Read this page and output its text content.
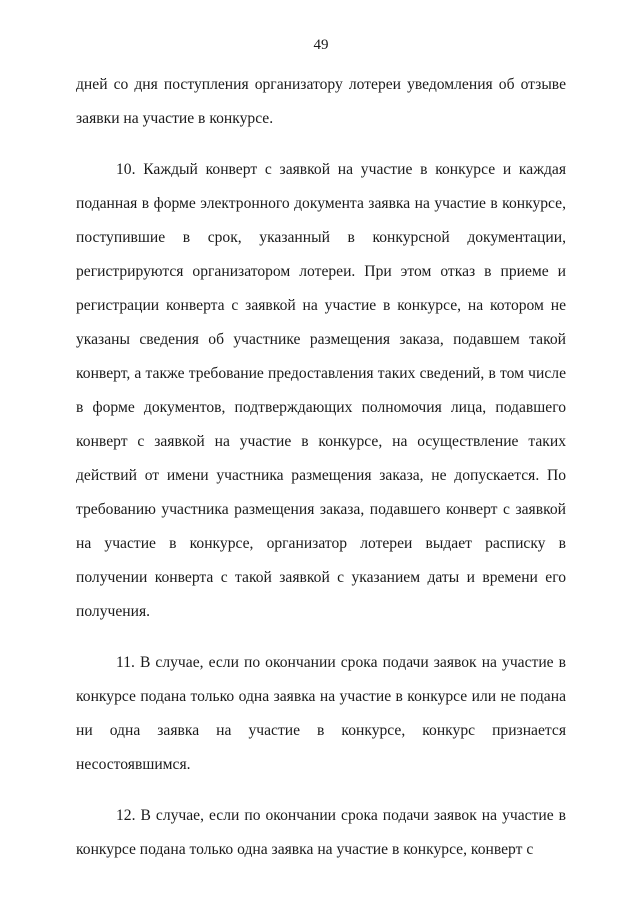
49

дней со дня поступления организатору лотереи уведомления об отзыве заявки на участие в конкурсе.

10. Каждый конверт с заявкой на участие в конкурсе и каждая поданная в форме электронного документа заявка на участие в конкурсе, поступившие в срок, указанный в конкурсной документации, регистрируются организатором лотереи. При этом отказ в приеме и регистрации конверта с заявкой на участие в конкурсе, на котором не указаны сведения об участнике размещения заказа, подавшем такой конверт, а также требование предоставления таких сведений, в том числе в форме документов, подтверждающих полномочия лица, подавшего конверт с заявкой на участие в конкурсе, на осуществление таких действий от имени участника размещения заказа, не допускается. По требованию участника размещения заказа, подавшего конверт с заявкой на участие в конкурсе, организатор лотереи выдает расписку в получении конверта с такой заявкой с указанием даты и времени его получения.

11. В случае, если по окончании срока подачи заявок на участие в конкурсе подана только одна заявка на участие в конкурсе или не подана ни одна заявка на участие в конкурсе, конкурс признается несостоявшимся.

12. В случае, если по окончании срока подачи заявок на участие в конкурсе подана только одна заявка на участие в конкурсе, конверт с
